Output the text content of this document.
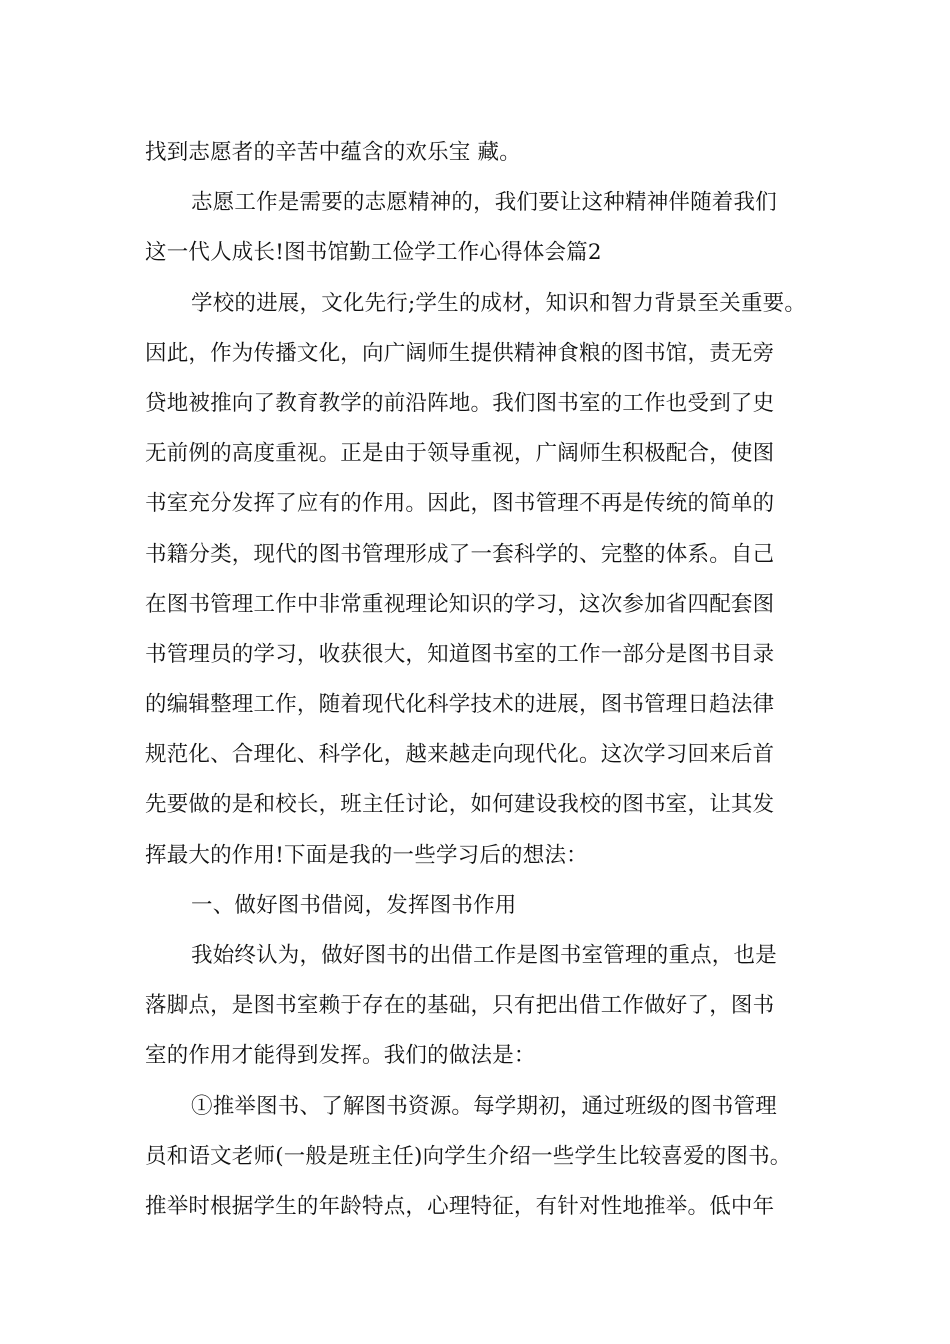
找到志愿者的辛苦中蕴含的欢乐宝 藏。
志愿工作是需要的志愿精神的，我们要让这种精神伴随着我们
这一代人成长!图书馆勤工俭学工作心得体会篇2
学校的进展，文化先行;学生的成材，知识和智力背景至关重要。
因此，作为传播文化，向广阔师生提供精神食粮的图书馆，责无旁
贷地被推向了教育教学的前沿阵地。我们图书室的工作也受到了史
无前例的高度重视。正是由于领导重视，广阔师生积极配合，使图
书室充分发挥了应有的作用。因此，图书管理不再是传统的简单的
书籍分类，现代的图书管理形成了一套科学的、完整的体系。自己
在图书管理工作中非常重视理论知识的学习，这次参加省四配套图
书管理员的学习，收获很大，知道图书室的工作一部分是图书目录
的编辑整理工作，随着现代化科学技术的进展，图书管理日趋法律
规范化、合理化、科学化，越来越走向现代化。这次学习回来后首
先要做的是和校长，班主任讨论，如何建设我校的图书室，让其发
挥最大的作用!下面是我的一些学习后的想法：
一、做好图书借阅，发挥图书作用
我始终认为，做好图书的出借工作是图书室管理的重点，也是
落脚点，是图书室赖于存在的基础，只有把出借工作做好了，图书
室的作用才能得到发挥。我们的做法是：
①推举图书、了解图书资源。每学期初，通过班级的图书管理
员和语文老师(一般是班主任)向学生介绍一些学生比较喜爱的图书。
推举时根据学生的年龄特点，心理特征，有针对性地推举。低中年
